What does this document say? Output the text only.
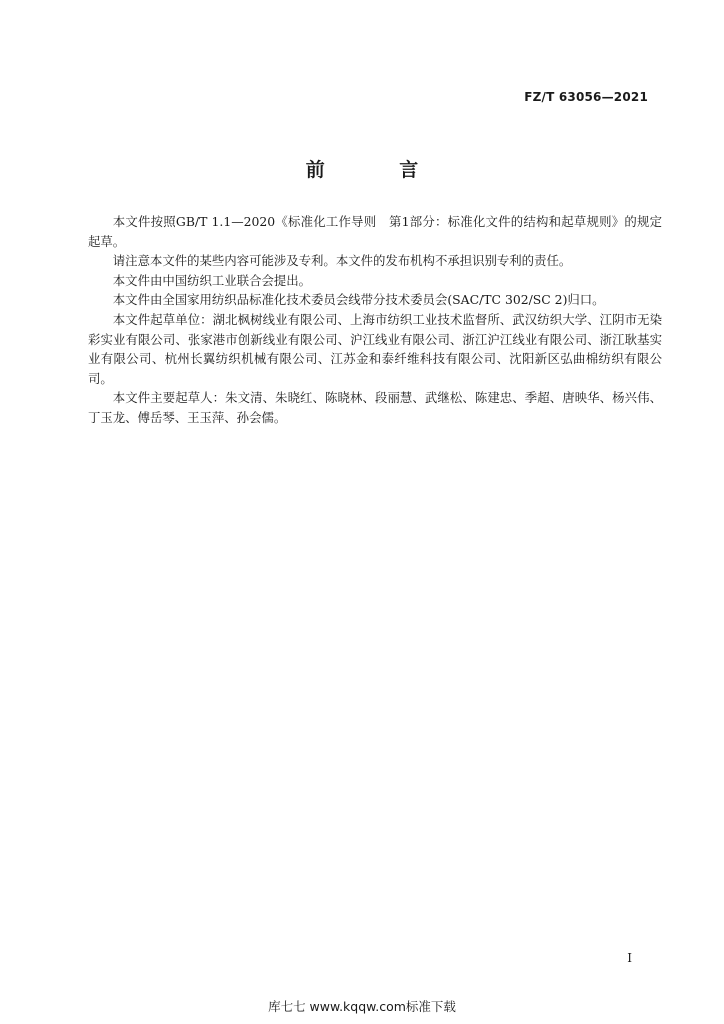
FZ/T 63056—2021
前 言

本文件按照GB/T 1.1—2020《标准化工作导则　第1部分：标准化文件的结构和起草规则》的规定起草。

请注意本文件的某些内容可能涉及专利。本文件的发布机构不承担识别专利的责任。

本文件由中国纺织工业联合会提出。

本文件由全国家用纺织品标准化技术委员会线带分技术委员会(SAC/TC 302/SC 2)归口。

本文件起草单位：湖北枫树线业有限公司、上海市纺织工业技术监督所、武汉纺织大学、江阴市无染彩实业有限公司、张家港市创新线业有限公司、沪江线业有限公司、浙江沪江线业有限公司、浙江耿基实业有限公司、杭州长翼纺织机械有限公司、江苏金和泰纤维科技有限公司、沈阳新区弘曲棉纺织有限公司。

本文件主要起草人：朱文清、朱晓红、陈晓林、段丽慧、武继松、陈建忠、季超、唐映华、杨兴伟、丁玉龙、傅岳琴、王玉萍、孙会儒。

I
库七七 www.kqqw.com标准下载
